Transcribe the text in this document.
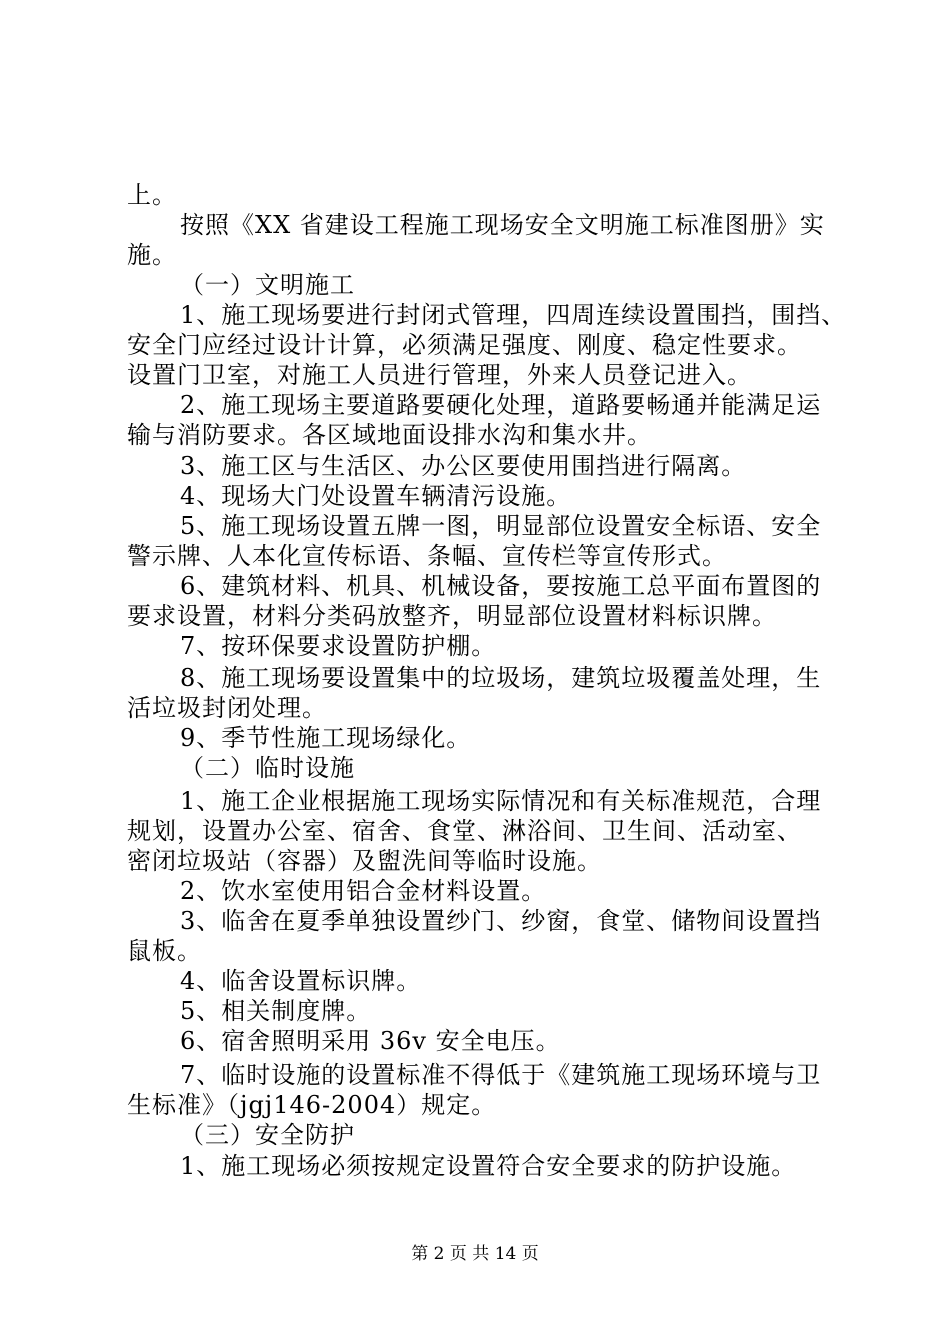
上。
按照《XX 省建设工程施工现场安全文明施工标准图册》实
施。
（一）文明施工
1、施工现场要进行封闭式管理，四周连续设置围挡，围挡、
安全门应经过设计计算，必须满足强度、刚度、稳定性要求。
设置门卫室，对施工人员进行管理，外来人员登记进入。
2、施工现场主要道路要硬化处理，道路要畅通并能满足运
输与消防要求。各区域地面设排水沟和集水井。
3、施工区与生活区、办公区要使用围挡进行隔离。
4、现场大门处设置车辆清污设施。
5、施工现场设置五牌一图，明显部位设置安全标语、安全
警示牌、人本化宣传标语、条幅、宣传栏等宣传形式。
6、建筑材料、机具、机械设备，要按施工总平面布置图的
要求设置，材料分类码放整齐，明显部位设置材料标识牌。
7、按环保要求设置防护棚。
8、施工现场要设置集中的垃圾场，建筑垃圾覆盖处理，生
活垃圾封闭处理。
9、季节性施工现场绿化。
（二）临时设施
1、施工企业根据施工现场实际情况和有关标准规范，合理
规划，设置办公室、宿舍、食堂、淋浴间、卫生间、活动室、
密闭垃圾站（容器）及盥洗间等临时设施。
2、饮水室使用铝合金材料设置。
3、临舍在夏季单独设置纱门、纱窗，食堂、储物间设置挡
鼠板。
4、临舍设置标识牌。
5、相关制度牌。
6、宿舍照明采用 36v 安全电压。
7、临时设施的设置标准不得低于《建筑施工现场环境与卫
生标准》（jgj146-2004）规定。
（三）安全防护
1、施工现场必须按规定设置符合安全要求的防护设施。
第 2 页 共 14 页
